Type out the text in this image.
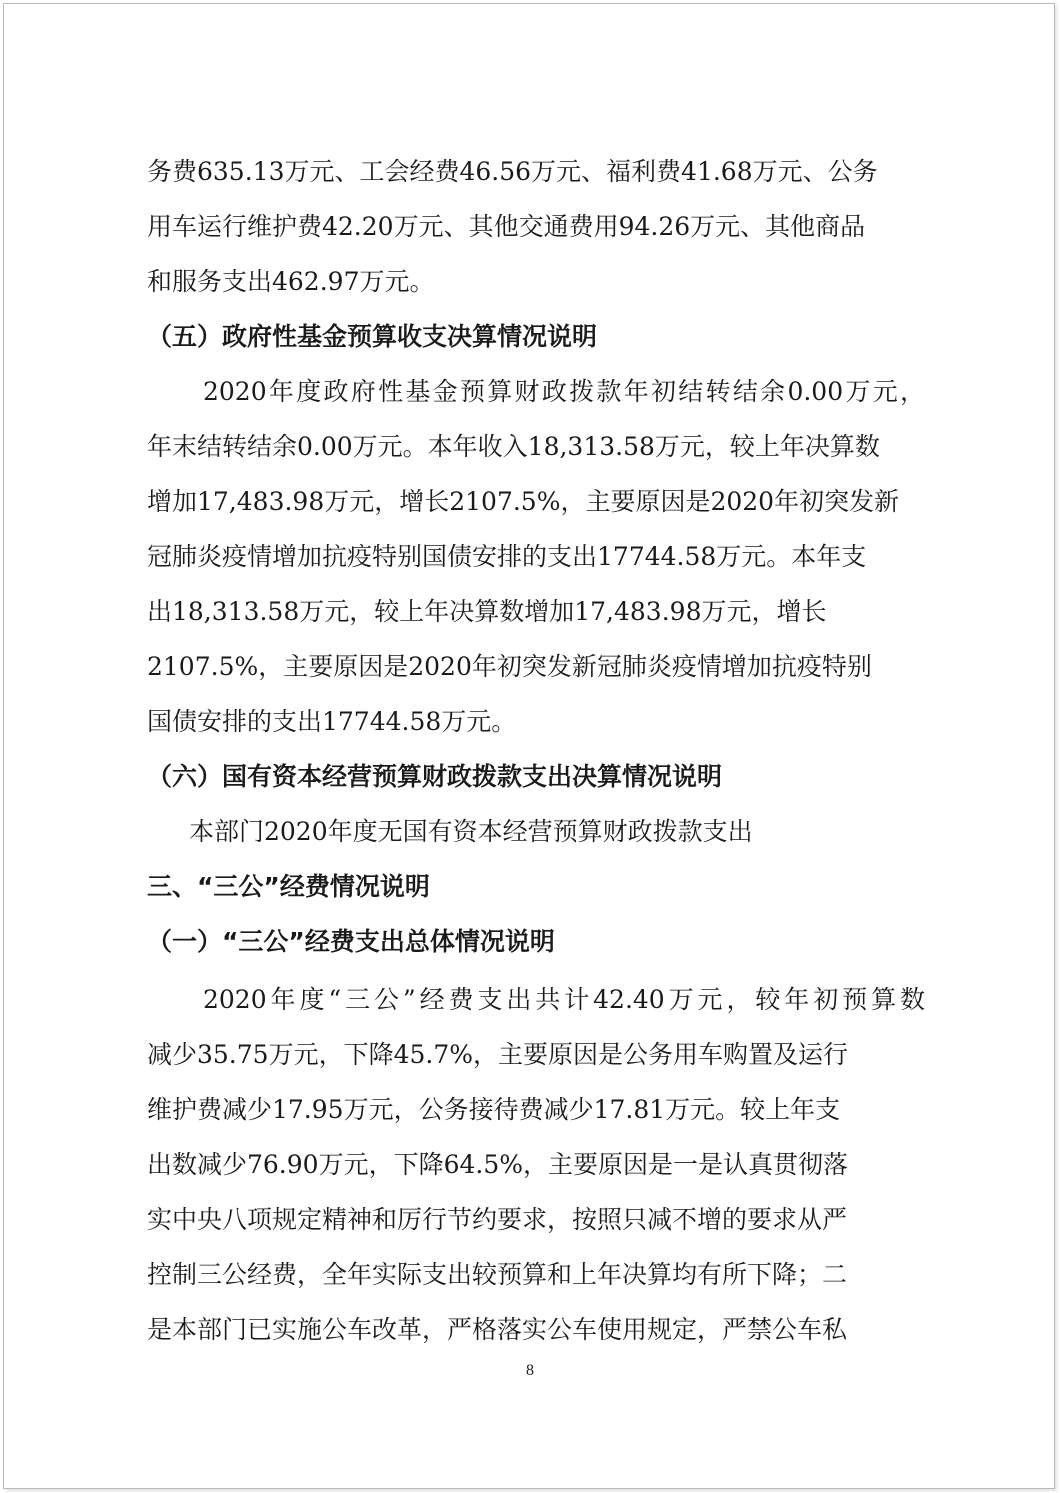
务费635.13万元、工会经费46.56万元、福利费41.68万元、公务
用车运行维护费42.20万元、其他交通费用94.26万元、其他商品
和服务支出462.97万元。
（五）政府性基金预算收支决算情况说明
2020年度政府性基金预算财政拨款年初结转结余0.00万元，
年末结转结余0.00万元。本年收入18,313.58万元，较上年决算数
增加17,483.98万元，增长2107.5%，主要原因是2020年初突发新
冠肺炎疫情增加抗疫特别国债安排的支出17744.58万元。本年支
出18,313.58万元，较上年决算数增加17,483.98万元，增长
2107.5%，主要原因是2020年初突发新冠肺炎疫情增加抗疫特别
国债安排的支出17744.58万元。
（六）国有资本经营预算财政拨款支出决算情况说明
本部门2020年度无国有资本经营预算财政拨款支出
三、“三公”经费情况说明
（一）“三公”经费支出总体情况说明
2020年度“三公”经费支出共计42.40万元，较年初预算数
减少35.75万元，下降45.7%，主要原因是公务用车购置及运行
维护费减少17.95万元，公务接待费减少17.81万元。较上年支
出数减少76.90万元，下降64.5%，主要原因是一是认真贯彻落
实中央八项规定精神和厉行节约要求，按照只减不增的要求从严
控制三公经费，全年实际支出较预算和上年决算均有所下降；二
是本部门已实施公车改革，严格落实公车使用规定，严禁公车私
8
